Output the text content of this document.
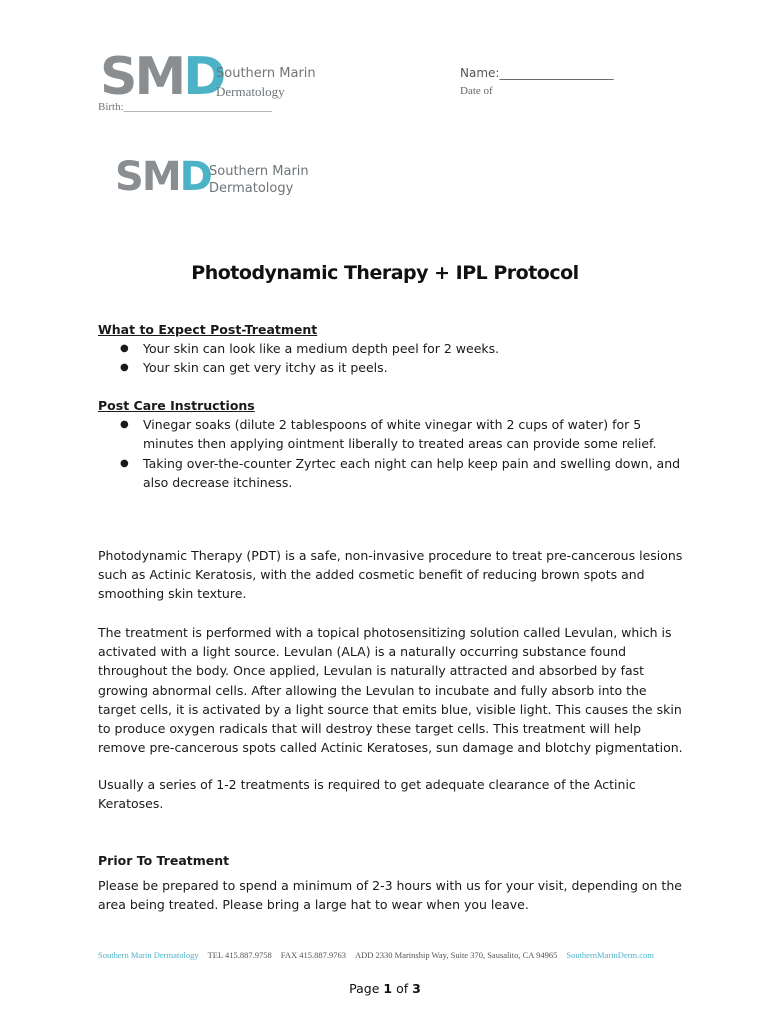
SMD
Southern Marin
Dermatology
Name:___________________
Date of
Birth:___________________________
SMD
Southern Marin
Dermatology
Photodynamic Therapy + IPL Protocol
What to Expect Post-Treatment
● Your skin can look like a medium depth peel for 2 weeks.
● Your skin can get very itchy as it peels.
Post Care Instructions
● Vinegar soaks (dilute 2 tablespoons of white vinegar with 2 cups of water) for 5 minutes then applying ointment liberally to treated areas can provide some relief.
● Taking over-the-counter Zyrtec each night can help keep pain and swelling down, and also decrease itchiness.
Photodynamic Therapy (PDT) is a safe, non-invasive procedure to treat pre-cancerous lesions such as Actinic Keratosis, with the added cosmetic benefit of reducing brown spots and smoothing skin texture.
The treatment is performed with a topical photosensitizing solution called Levulan, which is activated with a light source. Levulan (ALA) is a naturally occurring substance found throughout the body. Once applied, Levulan is naturally attracted and absorbed by fast growing abnormal cells. After allowing the Levulan to incubate and fully absorb into the target cells, it is activated by a light source that emits blue, visible light. This causes the skin to produce oxygen radicals that will destroy these target cells. This treatment will help remove pre-cancerous spots called Actinic Keratoses, sun damage and blotchy pigmentation.
Usually a series of 1-2 treatments is required to get adequate clearance of the Actinic Keratoses.
Prior To Treatment
Please be prepared to spend a minimum of 2-3 hours with us for your visit, depending on the area being treated. Please bring a large hat to wear when you leave.
Southern Marin Dermatology TEL 415.887.9758 FAX 415.887.9763 ADD 2330 Marinship Way, Suite 370, Sausalito, CA 94965 SouthernMarinDerm.com
Page 1 of 3
